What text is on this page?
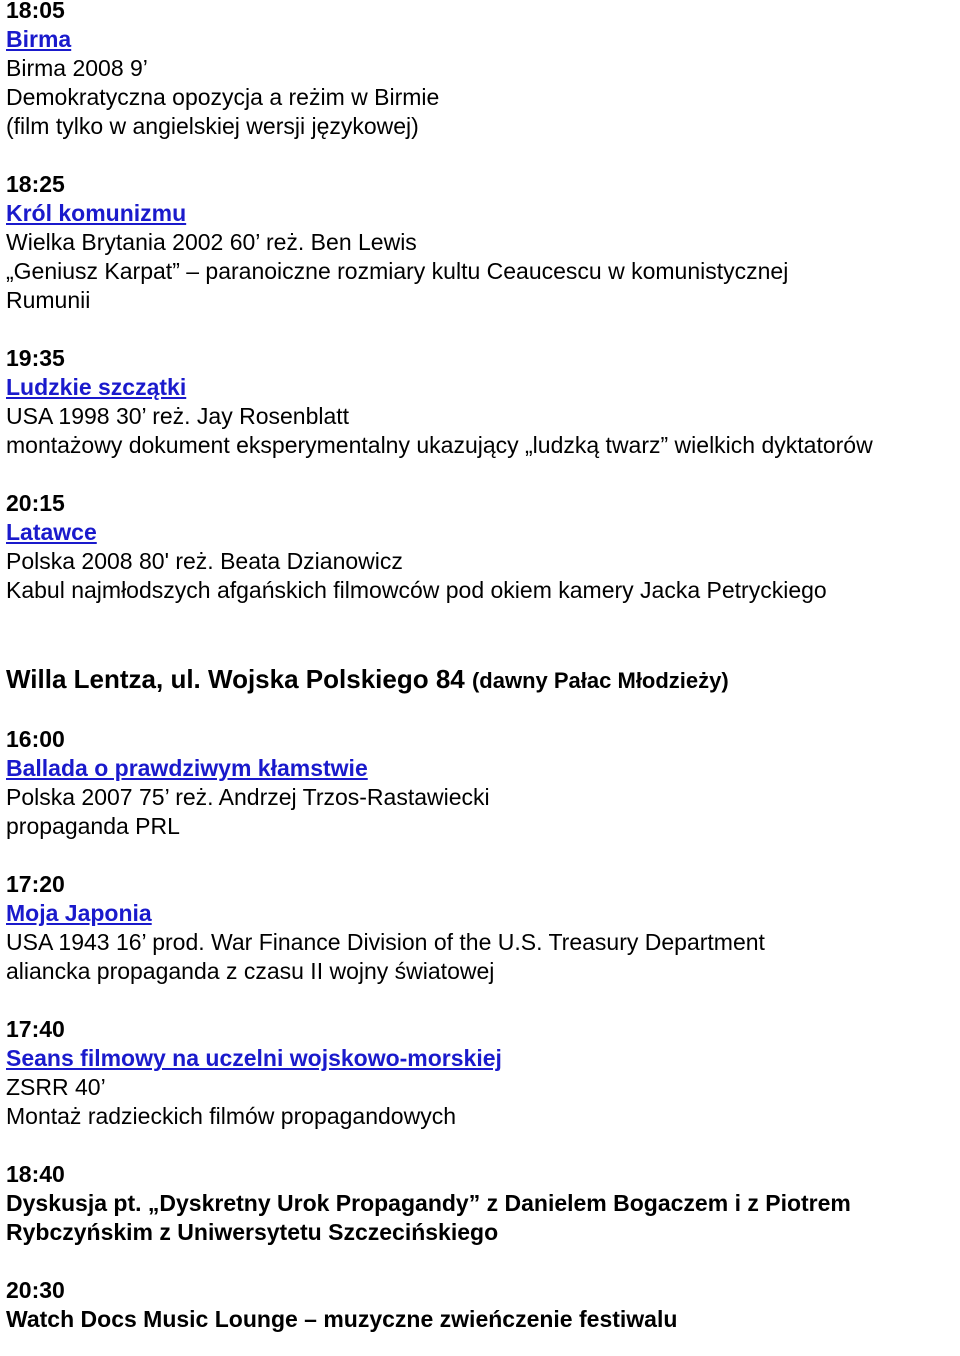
18:05
Birma
Birma 2008 9’
Demokratyczna opozycja a reżim w Birmie
(film tylko w angielskiej wersji językowej)
18:25
Król komunizmu
Wielka Brytania 2002 60’ reż. Ben Lewis
„Geniusz Karpat” – paranoiczne rozmiary kultu Ceaucescu w komunistycznej
Rumunii
19:35
Ludzkie szczątki
USA 1998 30’ reż. Jay Rosenblatt
montażowy dokument eksperymentalny ukazujący „ludzką twarz” wielkich dyktatorów
20:15
Latawce
Polska 2008 80' reż. Beata Dzianowicz
Kabul najmłodszych afgańskich filmowców pod okiem kamery Jacka Petryckiego
Willa Lentza, ul. Wojska Polskiego 84 (dawny Pałac Młodzieży)
16:00
Ballada o prawdziwym kłamstwie
Polska 2007 75’ reż. Andrzej Trzos-Rastawiecki
propaganda PRL
17:20
Moja Japonia
USA 1943 16’ prod. War Finance Division of the U.S. Treasury Department
aliancka propaganda z czasu II wojny światowej
17:40
Seans filmowy na uczelni wojskowo-morskiej
ZSRR 40’
Montaż radzieckich filmów propagandowych
18:40
Dyskusja pt. „Dyskretny Urok Propagandy” z Danielem Bogaczem i z Piotrem
Rybczyńskim z Uniwersytetu Szczecińskiego
20:30
Watch Docs Music Lounge – muzyczne zwieńczenie festiwalu
